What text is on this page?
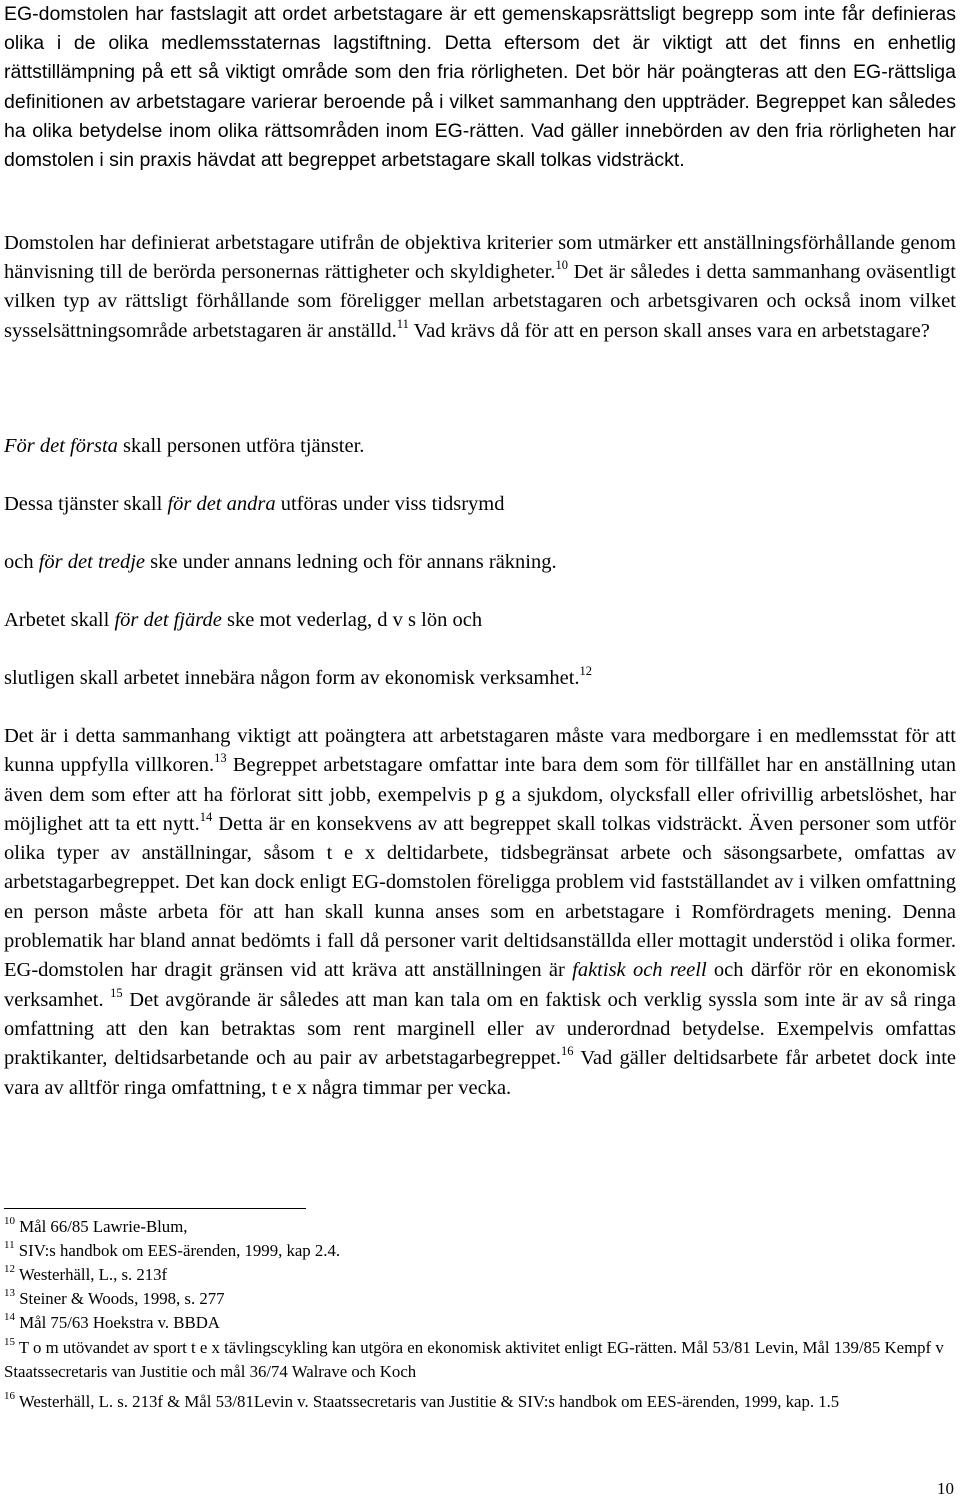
EG-domstolen har fastslagit att ordet arbetstagare är ett gemenskapsrättsligt begrepp som inte får definieras olika i de olika medlemsstaternas lagstiftning. Detta eftersom det är viktigt att det finns en enhetlig rättstillämpning på ett så viktigt område som den fria rörligheten. Det bör här poängteras att den EG-rättsliga definitionen av arbetstagare varierar beroende på i vilket sammanhang den uppträder. Begreppet kan således ha olika betydelse inom olika rättsområden inom EG-rätten. Vad gäller innebörden av den fria rörligheten har domstolen i sin praxis hävdat att begreppet arbetstagare skall tolkas vidsträckt.

Domstolen har definierat arbetstagare utifrån de objektiva kriterier som utmärker ett anställningsförhållande genom hänvisning till de berörda personernas rättigheter och skyldigheter.$^{10}$ Det är således i detta sammanhang oväsentligt vilken typ av rättsligt förhållande som föreligger mellan arbetstagaren och arbetsgivaren och också inom vilket sysselsättningsområde arbetstagaren är anställd.$^{11}$ Vad krävs då för att en person skall anses vara en arbetstagare?

För det första skall personen utföra tjänster.

Dessa tjänster skall för det andra utföras under viss tidsrymd

och för det tredje ske under annans ledning och för annans räkning.

Arbetet skall för det fjärde ske mot vederlag, d v s lön och

slutligen skall arbetet innebära någon form av ekonomisk verksamhet.$^{12}$

Det är i detta sammanhang viktigt att poängtera att arbetstagaren måste vara medborgare i en medlemsstat för att kunna uppfylla villkoren.$^{13}$ Begreppet arbetstagare omfattar inte bara dem som för tillfället har en anställning utan även dem som efter att ha förlorat sitt jobb, exempelvis p g a sjukdom, olycksfall eller ofrivillig arbetslöshet, har möjlighet att ta ett nytt.$^{14}$ Detta är en konsekvens av att begreppet skall tolkas vidsträckt. Även personer som utför olika typer av anställningar, såsom t e x deltidarbete, tidsbegränsat arbete och säsongsarbete, omfattas av arbetstagarbegreppet. Det kan dock enligt EG-domstolen föreligga problem vid fastställandet av i vilken omfattning en person måste arbeta för att han skall kunna anses som en arbetstagare i Romfördragets mening. Denna problematik har bland annat bedömts i fall då personer varit deltidsanställda eller mottagit understöd i olika former. EG-domstolen har dragit gränsen vid att kräva att anställningen är faktisk och reell och därför rör en ekonomisk verksamhet. $^{15}$ Det avgörande är således att man kan tala om en faktisk och verklig syssla som inte är av så ringa omfattning att den kan betraktas som rent marginell eller av underordnad betydelse. Exempelvis omfattas praktikanter, deltidsarbetande och au pair av arbetstagarbegreppet.$^{16}$ Vad gäller deltidsarbete får arbetet dock inte vara av alltför ringa omfattning, t e x några timmar per vecka.

$^{10}$ Mål 66/85 Lawrie-Blum,

$^{11}$ SIV:s handbok om EES-ärenden, 1999, kap 2.4.

$^{12}$ Westerhäll, L., s. 213f

$^{13}$ Steiner & Woods, 1998, s. 277

$^{14}$ Mål 75/63 Hoekstra v. BBDA

$^{15}$ T o m utövandet av sport t e x tävlingscykling kan utgöra en ekonomisk aktivitet enligt EG-rätten. Mål 53/81 Levin, Mål 139/85 Kempf v Staatssecretaris van Justitie och mål 36/74 Walrave och Koch

$^{16}$ Westerhäll, L. s. 213f & Mål 53/81Levin v. Staatssecretaris van Justitie & SIV:s handbok om EES-ärenden, 1999, kap. 1.5

10
